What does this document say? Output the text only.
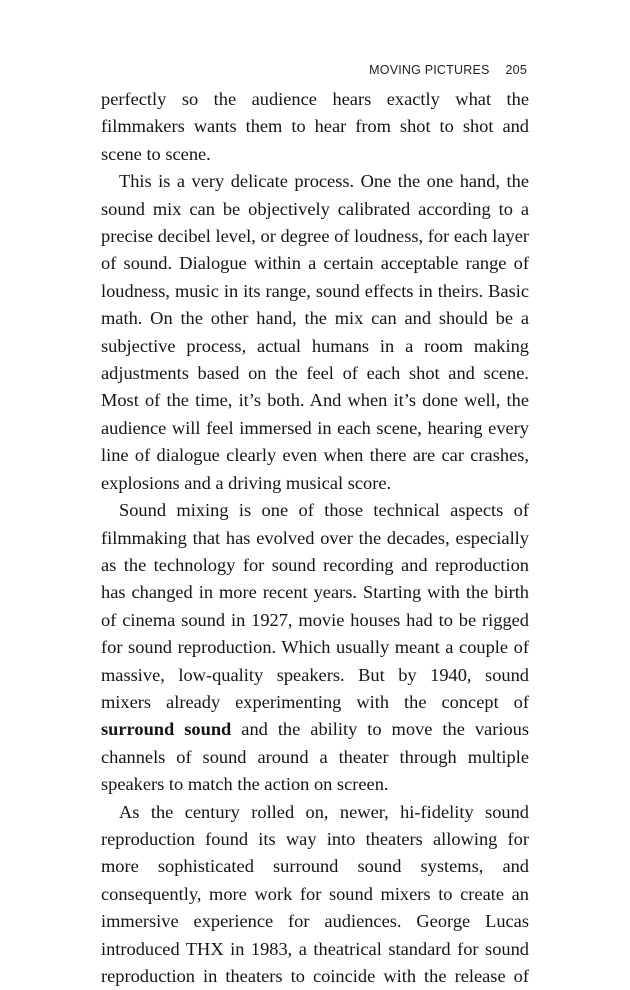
MOVING PICTURES 205

perfectly so the audience hears exactly what the filmmakers wants them to hear from shot to shot and scene to scene.

This is a very delicate process. One the one hand, the sound mix can be objectively calibrated according to a precise decibel level, or degree of loudness, for each layer of sound. Dialogue within a certain acceptable range of loudness, music in its range, sound effects in theirs. Basic math. On the other hand, the mix can and should be a subjective process, actual humans in a room making adjustments based on the feel of each shot and scene. Most of the time, it’s both. And when it’s done well, the audience will feel immersed in each scene, hearing every line of dialogue clearly even when there are car crashes, explosions and a driving musical score.

Sound mixing is one of those technical aspects of filmmaking that has evolved over the decades, especially as the technology for sound recording and reproduction has changed in more recent years. Starting with the birth of cinema sound in 1927, movie houses had to be rigged for sound reproduction. Which usually meant a couple of massive, low-quality speakers. But by 1940, sound mixers already experimenting with the concept of surround sound and the ability to move the various channels of sound around a theater through multiple speakers to match the action on screen.

As the century rolled on, newer, hi-fidelity sound reproduction found its way into theaters allowing for more sophisticated surround sound systems, and consequently, more work for sound mixers to create an immersive experience for audiences. George Lucas introduced THX in 1983, a theatrical standard for sound reproduction in theaters to coincide with the release of
